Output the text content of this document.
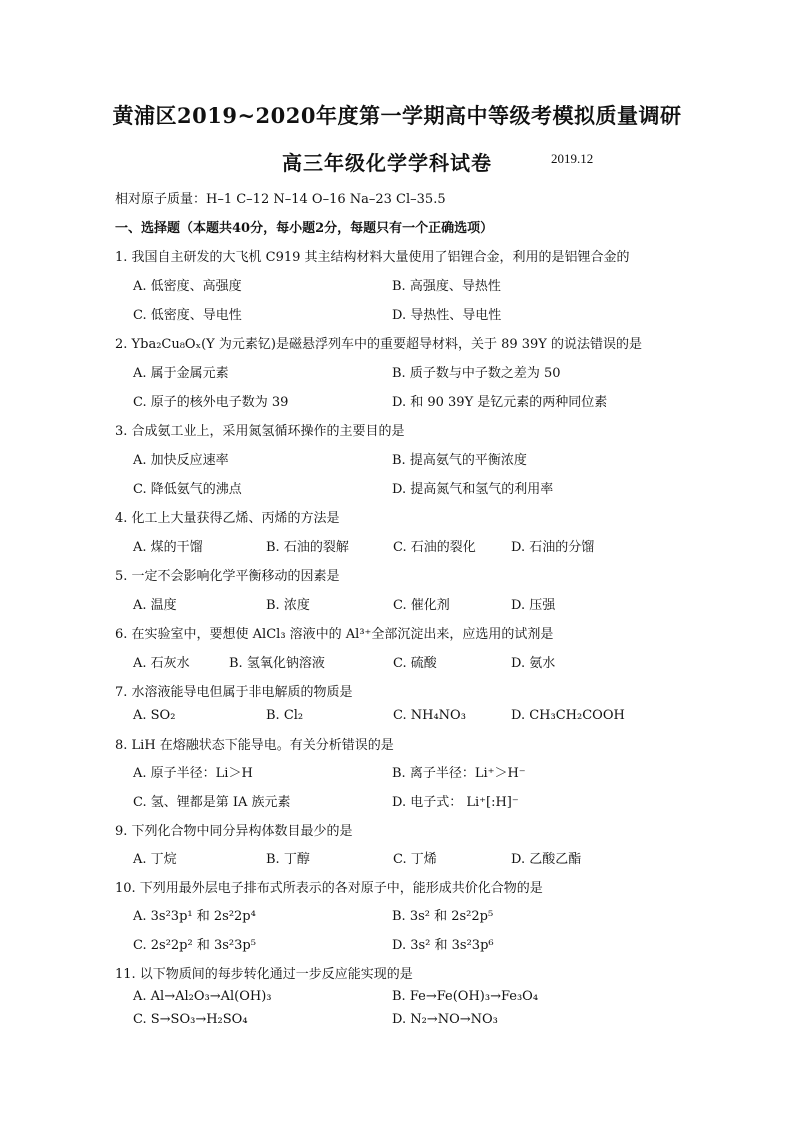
黄浦区2019~2020年度第一学期高中等级考模拟质量调研
高三年级化学学科试卷	2019.12
相对原子质量：H–1 C–12 N–14 O–16 Na–23 Cl–35.5
一、选择题（本题共40分，每小题2分，每题只有一个正确选项）
1. 我国自主研发的大飞机 C919 其主结构材料大量使用了铝锂合金，利用的是铝锂合金的
A. 低密度、高强度	B. 高强度、导热性
C. 低密度、导电性	D. 导热性、导电性
2. Yba₂Cu₈Oₓ(Y 为元素钇)是磁悬浮列车中的重要超导材料，关于 89 39Y 的说法错误的是
A. 属于金属元素	B. 质子数与中子数之差为 50
C. 原子的核外电子数为 39	D. 和 90 39Y 是钇元素的两种同位素
3. 合成氨工业上，采用氮氢循环操作的主要目的是
A. 加快反应速率	B. 提高氨气的平衡浓度
C. 降低氨气的沸点	D. 提高氮气和氢气的利用率
4. 化工上大量获得乙烯、丙烯的方法是
A. 煤的干馏	B. 石油的裂解	C. 石油的裂化	D. 石油的分馏
5. 一定不会影响化学平衡移动的因素是
A. 温度	B. 浓度	C. 催化剂	D. 压强
6. 在实验室中，要想使 AlCl₃ 溶液中的 Al³⁺全部沉淀出来，应选用的试剂是
A. 石灰水	B. 氢氧化钠溶液	C. 硫酸	D. 氨水
7. 水溶液能导电但属于非电解质的物质是
A. SO₂	B. Cl₂	C. NH₄NO₃	D. CH₃CH₂COOH
8. LiH 在熔融状态下能导电。有关分析错误的是
A. 原子半径：Li＞H	B. 离子半径：Li⁺＞H⁻
C. 氢、锂都是第 IA 族元素	D. 电子式： Li⁺[:H]⁻
9. 下列化合物中同分异构体数目最少的是
A. 丁烷	B. 丁醇	C. 丁烯	D. 乙酸乙酯
10. 下列用最外层电子排布式所表示的各对原子中，能形成共价化合物的是
A. 3s²3p¹ 和 2s²2p⁴	B. 3s² 和 2s²2p⁵
C. 2s²2p² 和 3s²3p⁵	D. 3s² 和 3s²3p⁶
11. 以下物质间的每步转化通过一步反应能实现的是
A. Al→Al₂O₃→Al(OH)₃	B. Fe→Fe(OH)₃→Fe₃O₄
C. S→SO₃→H₂SO₄	D. N₂→NO→NO₃
